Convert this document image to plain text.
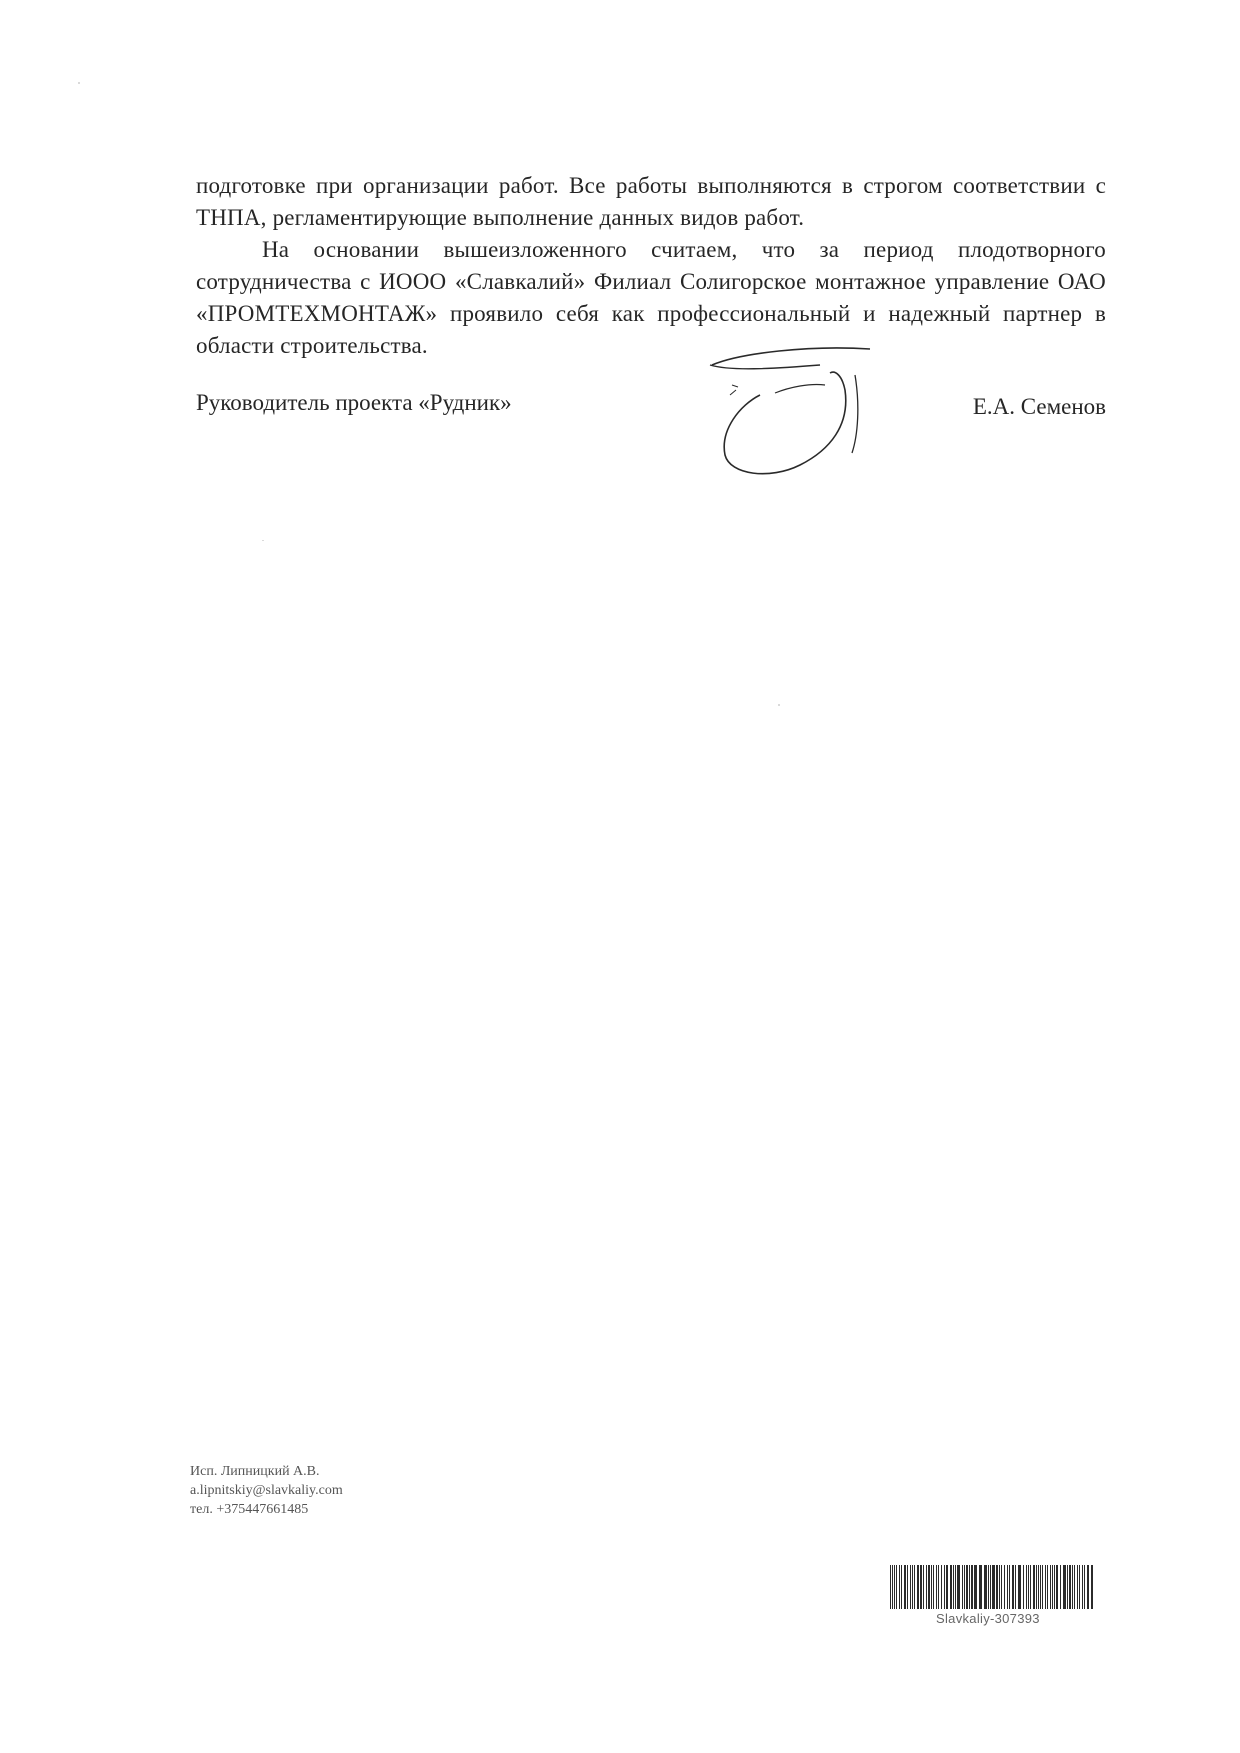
подготовке при организации работ. Все работы выполняются в строгом соответствии с ТНПА, регламентирующие выполнение данных видов работ.

На основании вышеизложенного считаем, что за период плодотворного сотрудничества с ИООО «Славкалий» Филиал Солигорское монтажное управление ОАО «ПРОМТЕХМОНТАЖ» проявило себя как профессиональный и надежный партнер в области строительства.

Руководитель проекта «Рудник»	Е.А. Семенов
Исп. Липницкий А.В.
a.lipnitskiy@slavkaliy.com
тел. +375447661485
Slavkaliy-307393
